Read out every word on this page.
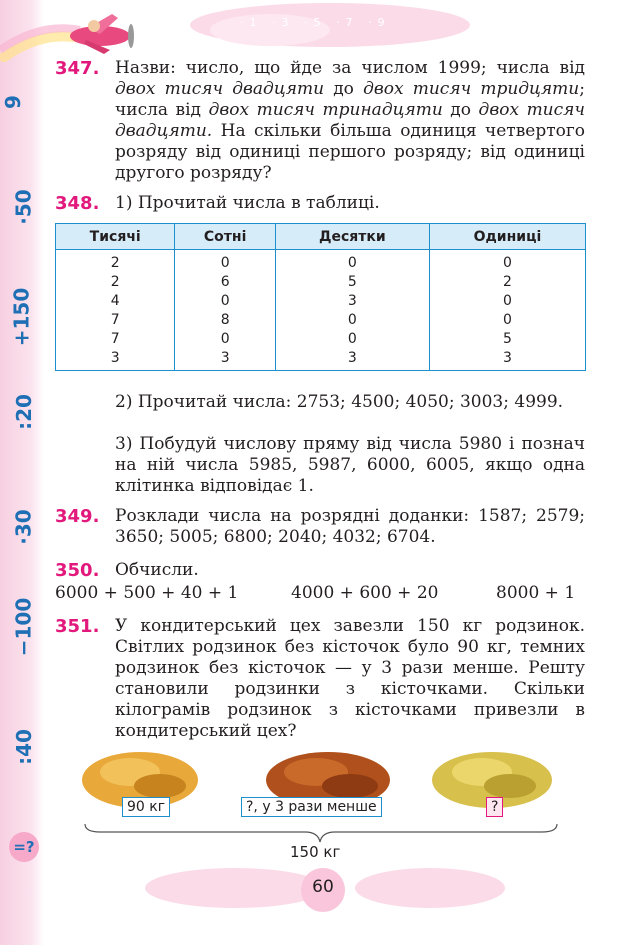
9
·50
+150
:20
·30
−100
:40
=?
·1 ·3 ·5 ·7 ·9
347. Назви: число, що йде за числом 1999; числа від двох тисяч двадцяти до двох тисяч тридцяти; числа від двох тисяч тринадцяти до двох тисяч двадцяти. На скільки більша одиниця четвертого розряду від одиниці першого розряду; від одиниці другого розряду?
348. 1) Прочитай числа в таблиці.
Тисячі	Сотні	Десятки	Одиниці
2	0	0	0
2	6	5	2
4	0	3	0
7	8	0	0
7	0	0	5
3	3	3	3
2) Прочитай числа: 2753; 4500; 4050; 3003; 4999.
3) Побудуй числову пряму від числа 5980 і познач на ній числа 5985, 5987, 6000, 6005, якщо одна клітинка відповідає 1.
349. Розклади числа на розрядні доданки: 1587; 2579; 3650; 5005; 6800; 2040; 4032; 6704.
350. Обчисли.
6000 + 500 + 40 + 1	4000 + 600 + 20	8000 + 1
351. У кондитерський цех завезли 150 кг родзинок. Світлих родзинок без кісточок було 90 кг, темних родзинок без кісточок — у 3 рази менше. Решту становили родзинки з кісточками. Скільки кілограмів родзинок з кісточками привезли в кондитерський цех?
90 кг	?, у 3 рази менше	?
150 кг
60
